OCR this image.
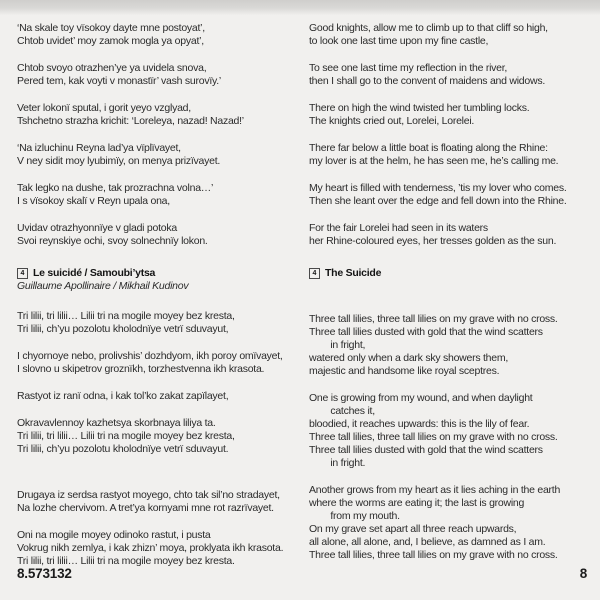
‘Na skale toy vïsokoy dayte mne postoyat’,
Chtob uvidet’ moy zamok mogla ya opyat’,
Chtob svoyo otrazhen’ye ya uvidela snova,
Pered tem, kak voyti v monastïr’ vash surovïy.’
Veter lokonï sputal, i gorit yeyo vzglyad,
Tshchetno strazha krichit: ‘Loreleya, nazad! Nazad!’
‘Na izluchinu Reyna lad’ya vïplïvayet,
V ney sidit moy lyubimïy, on menya prizïvayet.
Tak legko na dushe, tak prozrachna volna…’
I s vïsokoy skalï v Reyn upala ona,
Uvidav otrazhyonnïye v gladi potoka
Svoi reynskiye ochi, svoy solnechnïy lokon.
4 Le suicidé / Samoubi’ytsa
Guillaume Apollinaire / Mikhail Kudinov
Tri lilii, tri lilii… Lilii tri na mogile moyey bez kresta,
Tri lilii, ch’yu pozolotu kholodnïye vetrï sduvayut,
I chyornoye nebo, prolivshis’ dozhdyom, ikh poroy omïvayet,
I slovno u skipetrov groznïkh, torzhestvenna ikh krasota.
Rastyot iz ranï odna, i kak tol’ko zakat zapïlayet,
Okravavlennoy kazhetsya skorbnaya liliya ta.
Tri lilii, tri lilii… Lilii tri na mogile moyey bez kresta,
Tri lilii, ch’yu pozolotu kholodnïye vetrï sduvayut.
Drugaya iz serdsa rastyot moyego, chto tak sil’no stradayet,
Na lozhe chervivom. A tret’ya kornyami mne rot razrïvayet.
Oni na mogile moyey odinoko rastut, i pusta
Vokrug nikh zemlya, i kak zhizn’ moya, proklyata ikh krasota.
Tri lilii, tri lilii… Lilii tri na mogile moyey bez kresta.
Good knights, allow me to climb up to that cliff so high,
to look one last time upon my fine castle,
To see one last time my reflection in the river,
then I shall go to the convent of maidens and widows.
There on high the wind twisted her tumbling locks.
The knights cried out, Lorelei, Lorelei.
There far below a little boat is floating along the Rhine:
my lover is at the helm, he has seen me, he’s calling me.
My heart is filled with tenderness, ’tis my lover who comes.
Then she leant over the edge and fell down into the Rhine.
For the fair Lorelei had seen in its waters
her Rhine-coloured eyes, her tresses golden as the sun.
4 The Suicide
Three tall lilies, three tall lilies on my grave with no cross.
Three tall lilies dusted with gold that the wind scatters
in fright,
watered only when a dark sky showers them,
majestic and handsome like royal sceptres.
One is growing from my wound, and when daylight
catches it,
bloodied, it reaches upwards: this is the lily of fear.
Three tall lilies, three tall lilies on my grave with no cross.
Three tall lilies dusted with gold that the wind scatters
in fright.
Another grows from my heart as it lies aching in the earth
where the worms are eating it; the last is growing
from my mouth.
On my grave set apart all three reach upwards,
all alone, all alone, and, I believe, as damned as I am.
Three tall lilies, three tall lilies on my grave with no cross.
8.573132	8
